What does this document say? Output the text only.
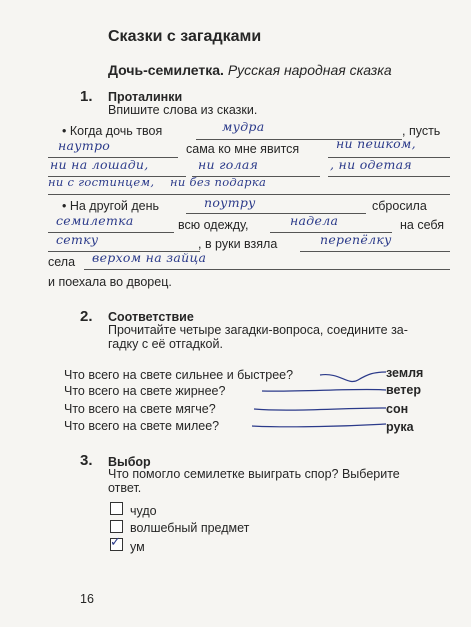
Сказки с загадками
Дочь-семилетка. Русская народная сказка
1. Проталинки
Впишите слова из сказки.
• Когда дочь твоя	мудра	, пусть
наутро	сама ко мне явится	ни пешком,
ни на лошади,	ни голая	, ни одетая
ни с гостинцем, ни без подарка
• На другой день	поутру	сбросила
семилетка	всю одежду,	надела	на себя
сетку	, в руки взяла	перепёлку
села верхом на зайца
и поехала во дворец.
2. Соответствие
Прочитайте четыре загадки-вопроса, соедините за-
гадку с её отгадкой.
Что всего на свете сильнее и быстрее?
Что всего на свете жирнее?
Что всего на свете мягче?
Что всего на свете милее?
земля
ветер
сон
рука
3. Выбор
Что помогло семилетке выиграть спор? Выберите
ответ.
чудо
волшебный предмет
✓ ум
16
